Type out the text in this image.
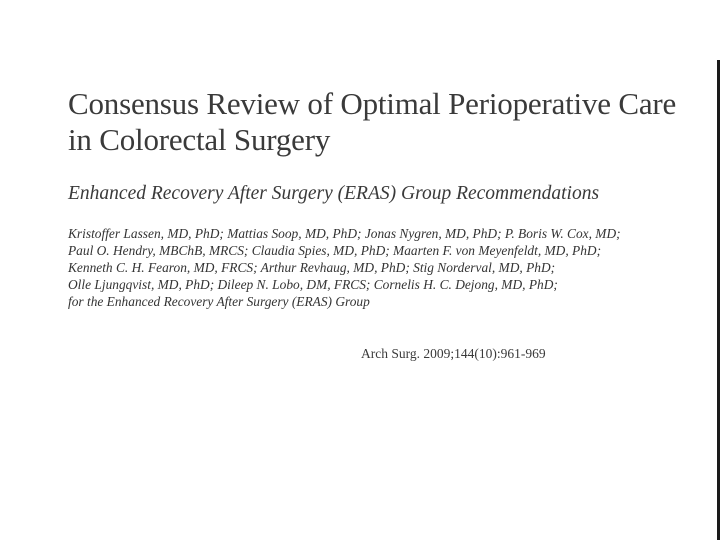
Consensus Review of Optimal Perioperative Care
in Colorectal Surgery
Enhanced Recovery After Surgery (ERAS) Group Recommendations
Kristoffer Lassen, MD, PhD; Mattias Soop, MD, PhD; Jonas Nygren, MD, PhD; P. Boris W. Cox, MD;
Paul O. Hendry, MBChB, MRCS; Claudia Spies, MD, PhD; Maarten F. von Meyenfeldt, MD, PhD;
Kenneth C. H. Fearon, MD, FRCS; Arthur Revhaug, MD, PhD; Stig Norderval, MD, PhD;
Olle Ljungqvist, MD, PhD; Dileep N. Lobo, DM, FRCS; Cornelis H. C. Dejong, MD, PhD;
for the Enhanced Recovery After Surgery (ERAS) Group
Arch Surg. 2009;144(10):961-969
